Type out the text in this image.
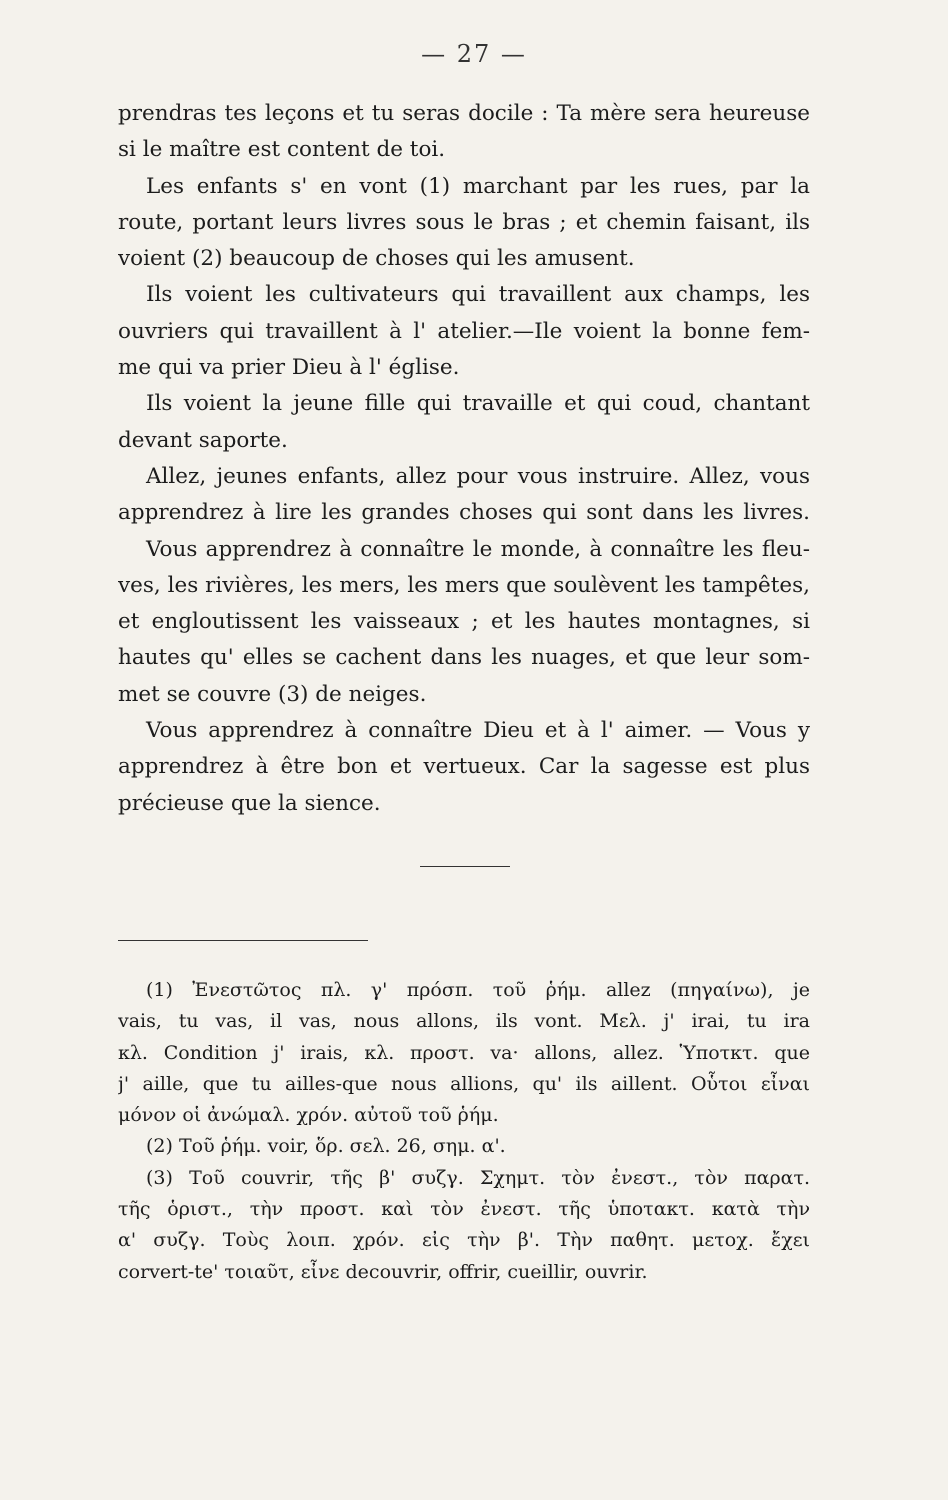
— 27 —
prendras tes leçons et tu seras docile : Ta mère sera heureuse
si le maître est content de toi.
Les enfants s' en vont (1) marchant par les rues, par la
route, portant leurs livres sous le bras ; et chemin faisant, ils
voient (2) beaucoup de choses qui les amusent.
Ils voient les cultivateurs qui travaillent aux champs, les
ouvriers qui travaillent à l' atelier.—Ile voient la bonne fem-
me qui va prier Dieu à l' église.
Ils voient la jeune fille qui travaille et qui coud, chantant
devant saporte.
Allez, jeunes enfants, allez pour vous instruire. Allez, vous
apprendrez à lire les grandes choses qui sont dans les livres.
Vous apprendrez à connaître le monde, à connaître les fleu-
ves, les rivières, les mers, les mers que soulèvent les tampêtes,
et engloutissent les vaisseaux ; et les hautes montagnes, si
hautes qu' elles se cachent dans les nuages, et que leur som-
met se couvre (3) de neiges.
Vous apprendrez à connaître Dieu et à l' aimer. — Vous y
apprendrez à être bon et vertueux. Car la sagesse est plus
précieuse que la sience.
(1) Ἐνεστῶτος πλ. γ' πρόσπ. τοῦ ῥήμ. allez (πηγαίνω), je
vais, tu vas, il vas, nous allons, ils vont. Μελ. j' irai, tu ira
κλ. Condition j' irais, κλ. προστ. va· allons, allez. Ὑποτκτ. que
j' aille, que tu ailles-que nous allions, qu' ils aillent. Οὗτοι εἶναι
μόνον οἱ ἀνώμαλ. χρόν. αὐτοῦ τοῦ ῥήμ.
(2) Τοῦ ῥήμ. voir, ὅρ. σελ. 26, σημ. α'.
(3) Τοῦ couvrir, τῆς β' συζγ. Σχημτ. τὸν ἐνεστ., τὸν παρατ.
τῆς ὁριστ., τὴν προστ. καὶ τὸν ἐνεστ. τῆς ὑποτακτ. κατὰ τὴν
α' συζγ. Τοὺς λοιπ. χρόν. εἰς τὴν β'. Τὴν παθητ. μετοχ. ἔχει
corvert-te' τοιαῦτ, εἶνε decouvrir, offrir, cueillir, ouvrir.
